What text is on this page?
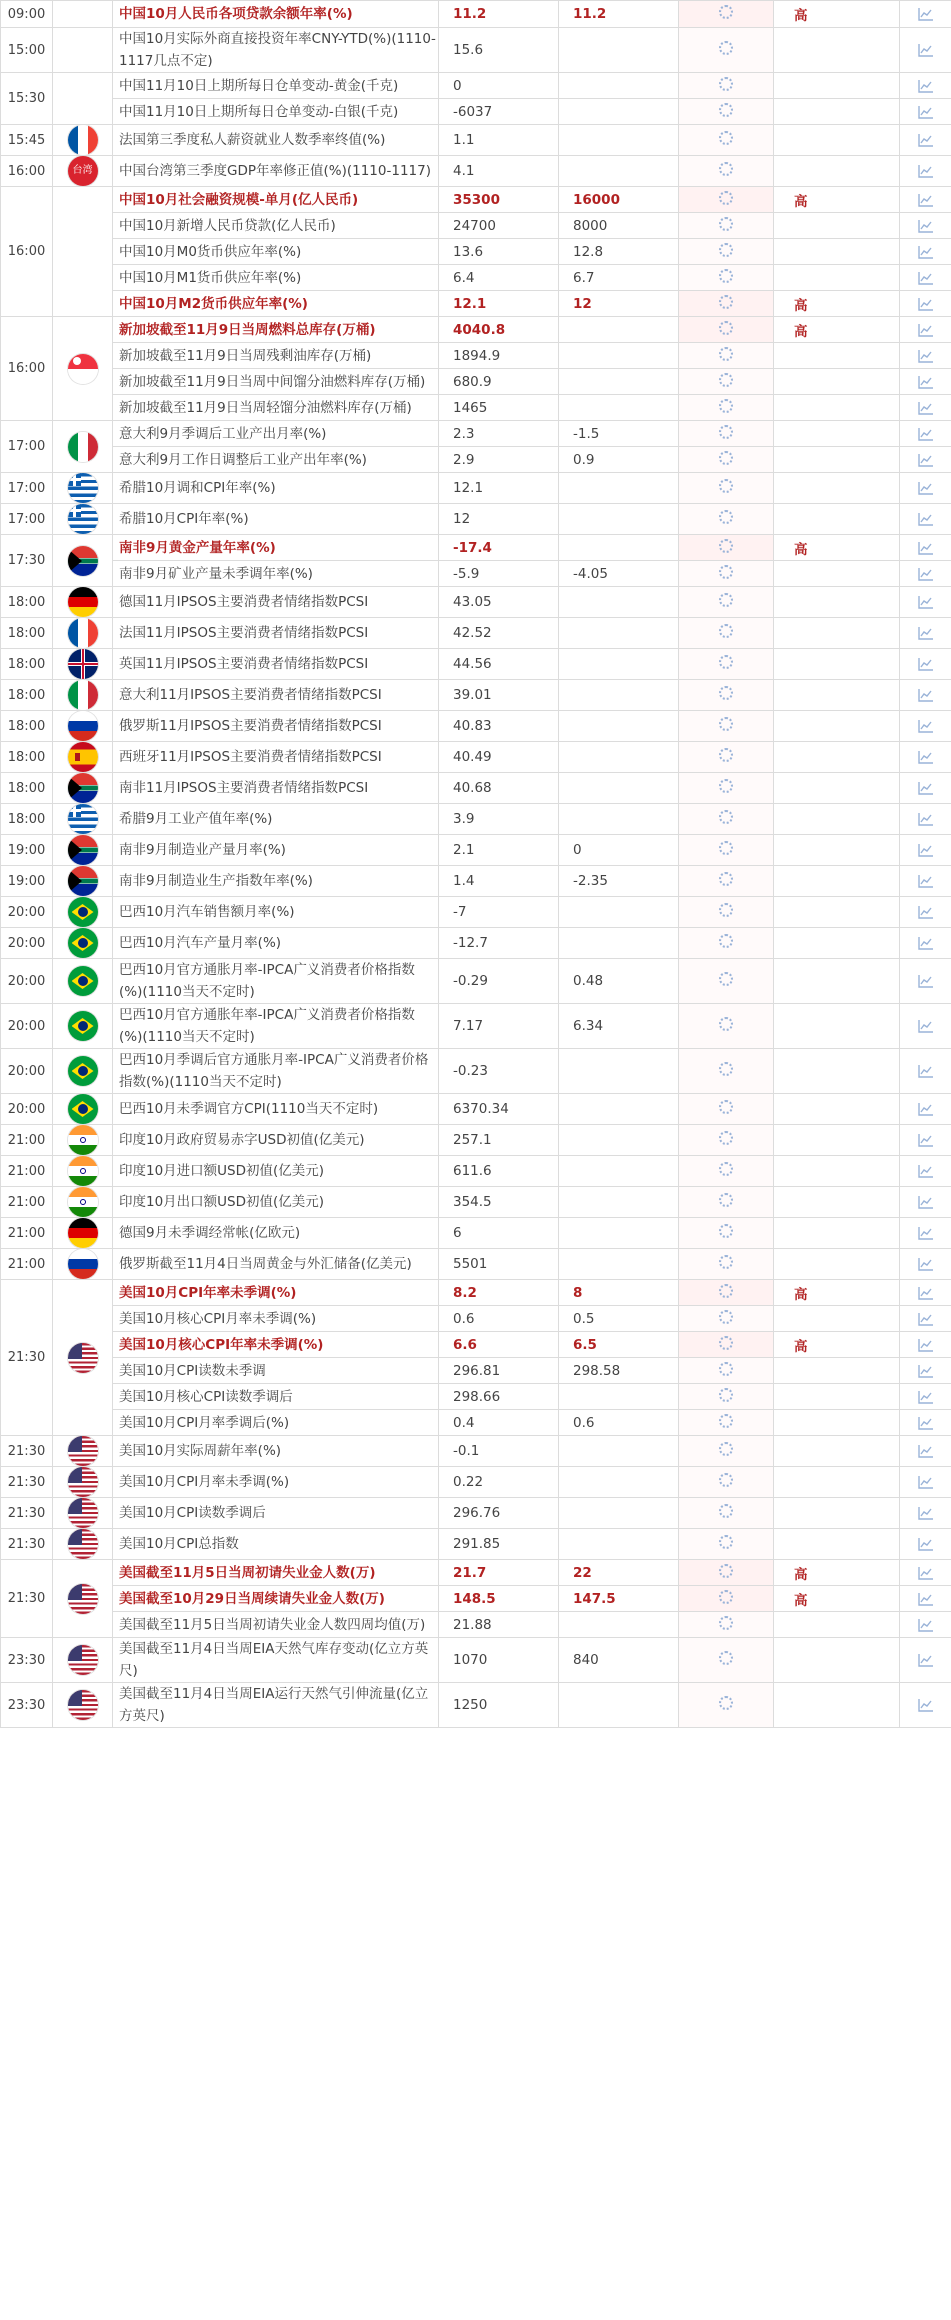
09:00		中国10月人民币各项贷款余额年率(%)	11.2	11.2		高	
15:00		中国10月实际外商直接投资年率CNY-YTD(%)(1110-1117几点不定)	15.6				
15:30		中国11月10日上期所每日仓单变动-黄金(千克)	0				
		中国11月10日上期所每日仓单变动-白银(千克)	-6037				
15:45		法国第三季度私人薪资就业人数季率终值(%)	1.1				
16:00	台湾	中国台湾第三季度GDP年率修正值(%)(1110-1117)	4.1				
16:00		中国10月社会融资规模-单月(亿人民币)	35300	16000		高	
		中国10月新增人民币贷款(亿人民币)	24700	8000			
		中国10月M0货币供应年率(%)	13.6	12.8			
		中国10月M1货币供应年率(%)	6.4	6.7			
		中国10月M2货币供应年率(%)	12.1	12		高	
16:00		新加坡截至11月9日当周燃料总库存(万桶)	4040.8			高	
		新加坡截至11月9日当周残剩油库存(万桶)	1894.9				
		新加坡截至11月9日当周中间馏分油燃料库存(万桶)	680.9				
		新加坡截至11月9日当周轻馏分油燃料库存(万桶)	1465				
17:00		意大利9月季调后工业产出月率(%)	2.3	-1.5			
		意大利9月工作日调整后工业产出年率(%)	2.9	0.9			
17:00		希腊10月调和CPI年率(%)	12.1				
17:00		希腊10月CPI年率(%)	12				
17:30		南非9月黄金产量年率(%)	-17.4			高	
		南非9月矿业产量未季调年率(%)	-5.9	-4.05			
18:00		德国11月IPSOS主要消费者情绪指数PCSI	43.05				
18:00		法国11月IPSOS主要消费者情绪指数PCSI	42.52				
18:00		英国11月IPSOS主要消费者情绪指数PCSI	44.56				
18:00		意大利11月IPSOS主要消费者情绪指数PCSI	39.01				
18:00		俄罗斯11月IPSOS主要消费者情绪指数PCSI	40.83				
18:00		西班牙11月IPSOS主要消费者情绪指数PCSI	40.49				
18:00		南非11月IPSOS主要消费者情绪指数PCSI	40.68				
18:00		希腊9月工业产值年率(%)	3.9				
19:00		南非9月制造业产量月率(%)	2.1	0			
19:00		南非9月制造业生产指数年率(%)	1.4	-2.35			
20:00		巴西10月汽车销售额月率(%)	-7				
20:00		巴西10月汽车产量月率(%)	-12.7				
20:00		巴西10月官方通胀月率-IPCA广义消费者价格指数(%)(1110当天不定时)	-0.29	0.48			
20:00		巴西10月官方通胀年率-IPCA广义消费者价格指数(%)(1110当天不定时)	7.17	6.34			
20:00		巴西10月季调后官方通胀月率-IPCA广义消费者价格指数(%)(1110当天不定时)	-0.23				
20:00		巴西10月未季调官方CPI(1110当天不定时)	6370.34				
21:00		印度10月政府贸易赤字USD初值(亿美元)	257.1				
21:00		印度10月进口额USD初值(亿美元)	611.6				
21:00		印度10月出口额USD初值(亿美元)	354.5				
21:00		德国9月未季调经常帐(亿欧元)	6				
21:00		俄罗斯截至11月4日当周黄金与外汇储备(亿美元)	5501				
21:30		美国10月CPI年率未季调(%)	8.2	8		高	
		美国10月核心CPI月率未季调(%)	0.6	0.5			
		美国10月核心CPI年率未季调(%)	6.6	6.5		高	
		美国10月CPI读数未季调	296.81	298.58			
		美国10月核心CPI读数季调后	298.66				
		美国10月CPI月率季调后(%)	0.4	0.6			
21:30		美国10月实际周薪年率(%)	-0.1				
21:30		美国10月CPI月率未季调(%)	0.22				
21:30		美国10月CPI读数季调后	296.76				
21:30		美国10月CPI总指数	291.85				
21:30		美国截至11月5日当周初请失业金人数(万)	21.7	22		高	
		美国截至10月29日当周续请失业金人数(万)	148.5	147.5		高	
		美国截至11月5日当周初请失业金人数四周均值(万)	21.88				
23:30		美国截至11月4日当周EIA天然气库存变动(亿立方英尺)	1070	840			
23:30		美国截至11月4日当周EIA运行天然气引伸流量(亿立方英尺)	1250				
